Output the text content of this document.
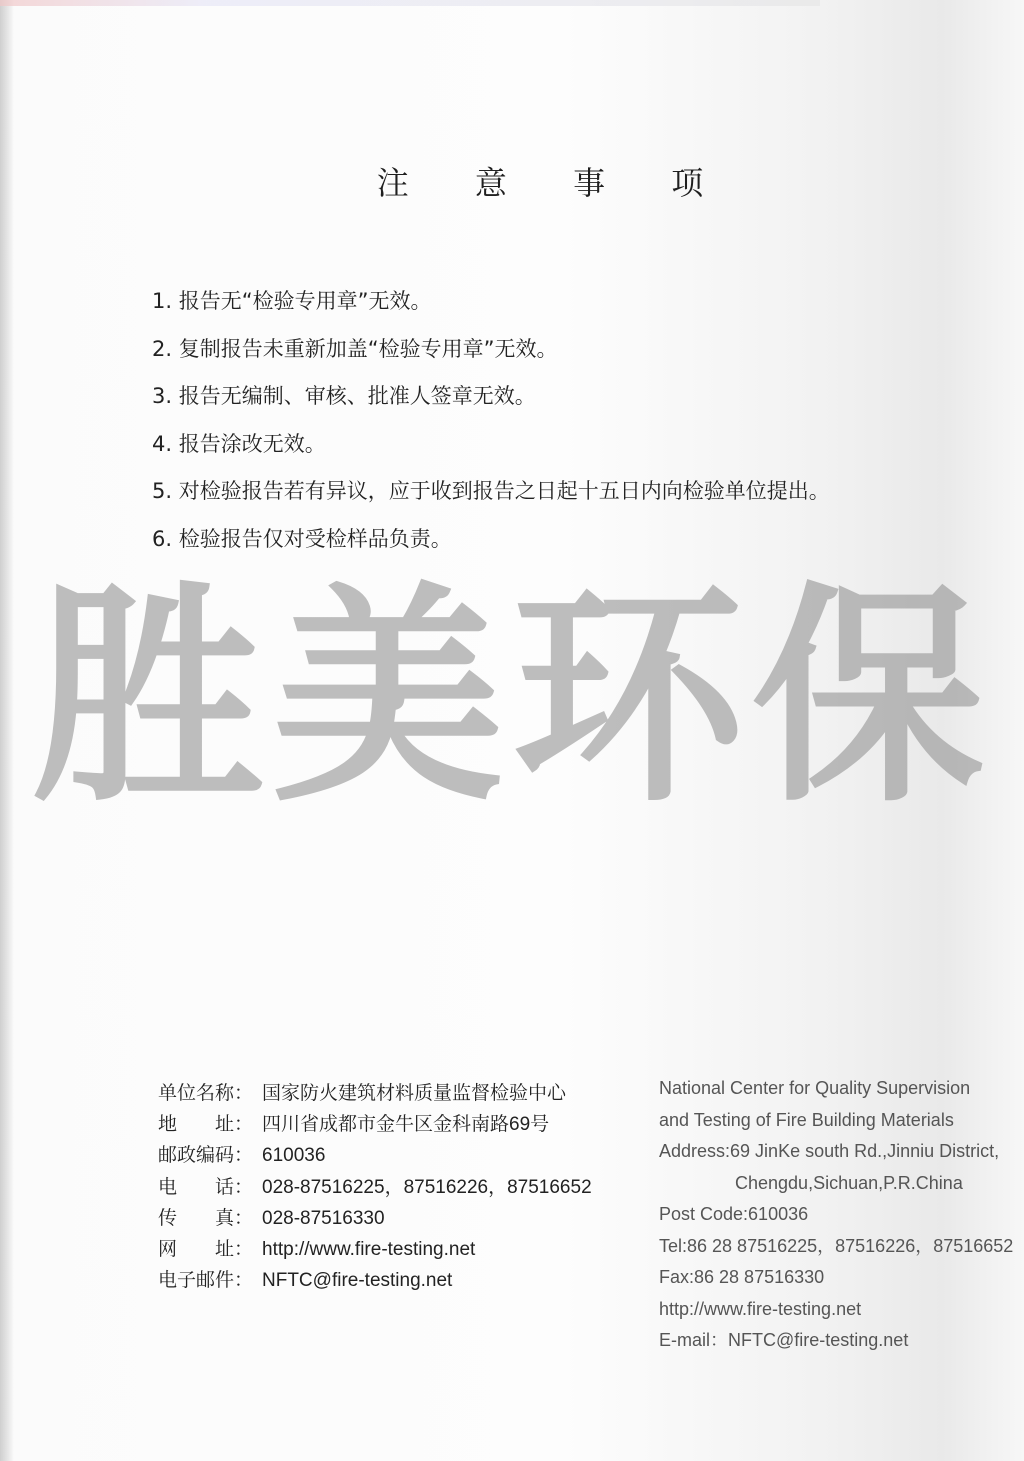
注 意 事 项
1. 报告无“检验专用章”无效。
2. 复制报告未重新加盖“检验专用章”无效。
3. 报告无编制、审核、批准人签章无效。
4. 报告涂改无效。
5. 对检验报告若有异议，应于收到报告之日起十五日内向检验单位提出。
6. 检验报告仅对受检样品负责。
胜美环保
单位名称： 国家防火建筑材料质量监督检验中心
地　　址： 四川省成都市金牛区金科南路69号
邮政编码： 610036
电　　话： 028-87516225，87516226，87516652
传　　真： 028-87516330
网　　址： http://www.fire-testing.net
电子邮件： NFTC@fire-testing.net
National Center for Quality Supervision
and Testing of Fire Building Materials
Address:69 JinKe south Rd.,Jinniu District,
Chengdu,Sichuan,P.R.China
Post Code:610036
Tel:86 28 87516225，87516226，87516652
Fax:86 28 87516330
http://www.fire-testing.net
E-mail：NFTC@fire-testing.net
